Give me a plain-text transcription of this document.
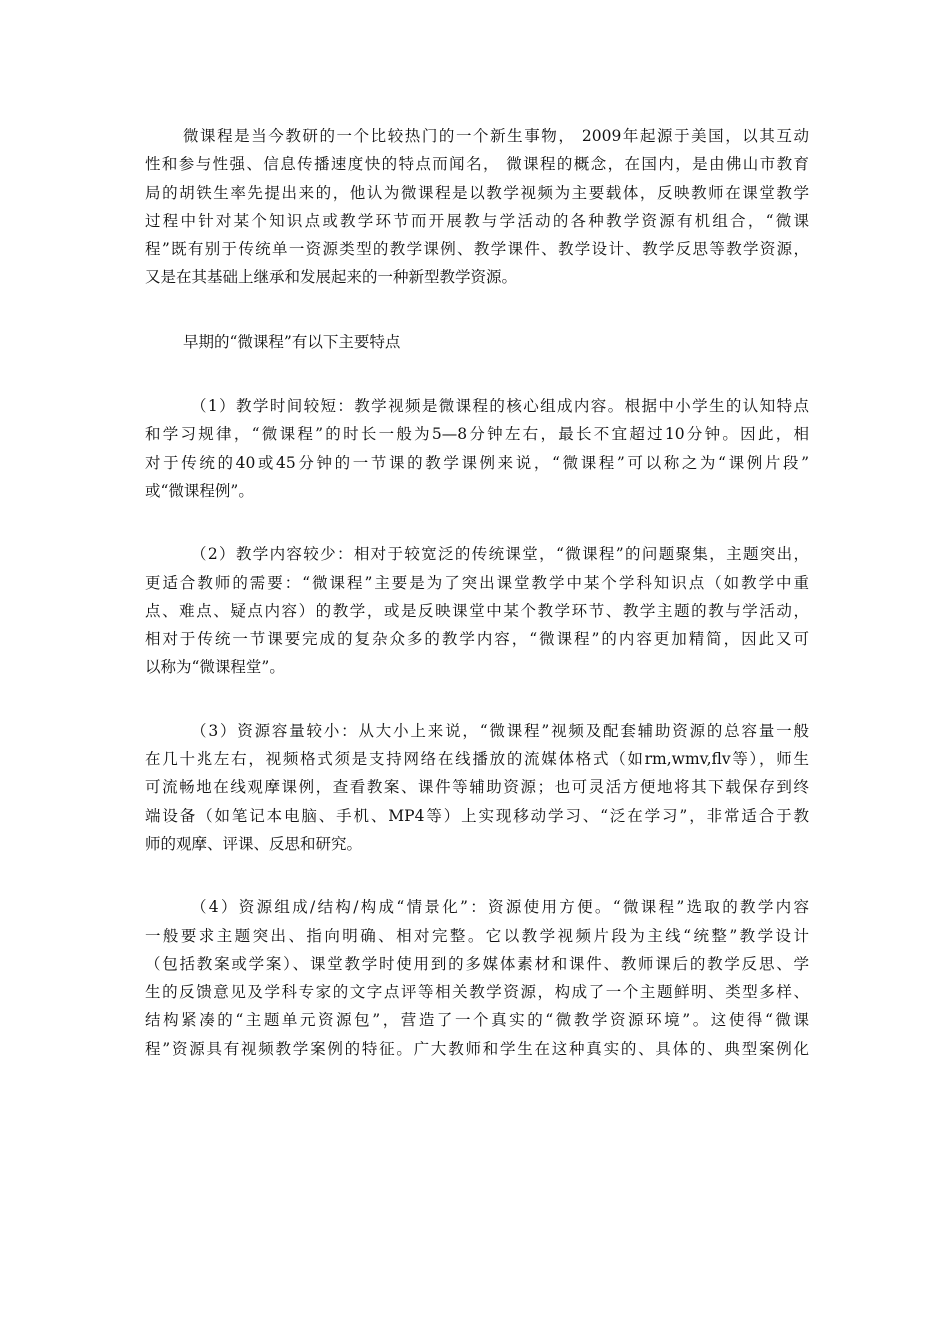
微课程是当今教研的一个比较热门的一个新生事物， 2009年起源于美国，以其互动
性和参与性强、信息传播速度快的特点而闻名， 微课程的概念，在国内，是由佛山市教育
局的胡铁生率先提出来的，他认为微课程是以教学视频为主要载体，反映教师在课堂教学
过程中针对某个知识点或教学环节而开展教与学活动的各种教学资源有机组合，“微课
程”既有别于传统单一资源类型的教学课例、教学课件、教学设计、教学反思等教学资源，
又是在其基础上继承和发展起来的一种新型教学资源。
早期的“微课程”有以下主要特点
（1）教学时间较短：教学视频是微课程的核心组成内容。根据中小学生的认知特点
和学习规律，“微课程”的时长一般为5—8分钟左右，最长不宜超过10分钟。因此，相
对于传统的40或45分钟的一节课的教学课例来说，“微课程”可以称之为“课例片段”
或“微课程例”。
（2）教学内容较少：相对于较宽泛的传统课堂，“微课程”的问题聚集，主题突出，
更适合教师的需要：“微课程”主要是为了突出课堂教学中某个学科知识点（如教学中重
点、难点、疑点内容）的教学，或是反映课堂中某个教学环节、教学主题的教与学活动，
相对于传统一节课要完成的复杂众多的教学内容，“微课程”的内容更加精简，因此又可
以称为“微课程堂”。
（3）资源容量较小：从大小上来说，“微课程”视频及配套辅助资源的总容量一般
在几十兆左右，视频格式须是支持网络在线播放的流媒体格式（如rm,wmv,flv等），师生
可流畅地在线观摩课例，查看教案、课件等辅助资源；也可灵活方便地将其下载保存到终
端设备（如笔记本电脑、手机、MP4等）上实现移动学习、“泛在学习”，非常适合于教
师的观摩、评课、反思和研究。
（4）资源组成/结构/构成“情景化”：资源使用方便。“微课程”选取的教学内容
一般要求主题突出、指向明确、相对完整。它以教学视频片段为主线“统整”教学设计
（包括教案或学案）、课堂教学时使用到的多媒体素材和课件、教师课后的教学反思、学
生的反馈意见及学科专家的文字点评等相关教学资源，构成了一个主题鲜明、类型多样、
结构紧凑的“主题单元资源包”，营造了一个真实的“微教学资源环境”。这使得“微课
程”资源具有视频教学案例的特征。广大教师和学生在这种真实的、具体的、典型案例化
